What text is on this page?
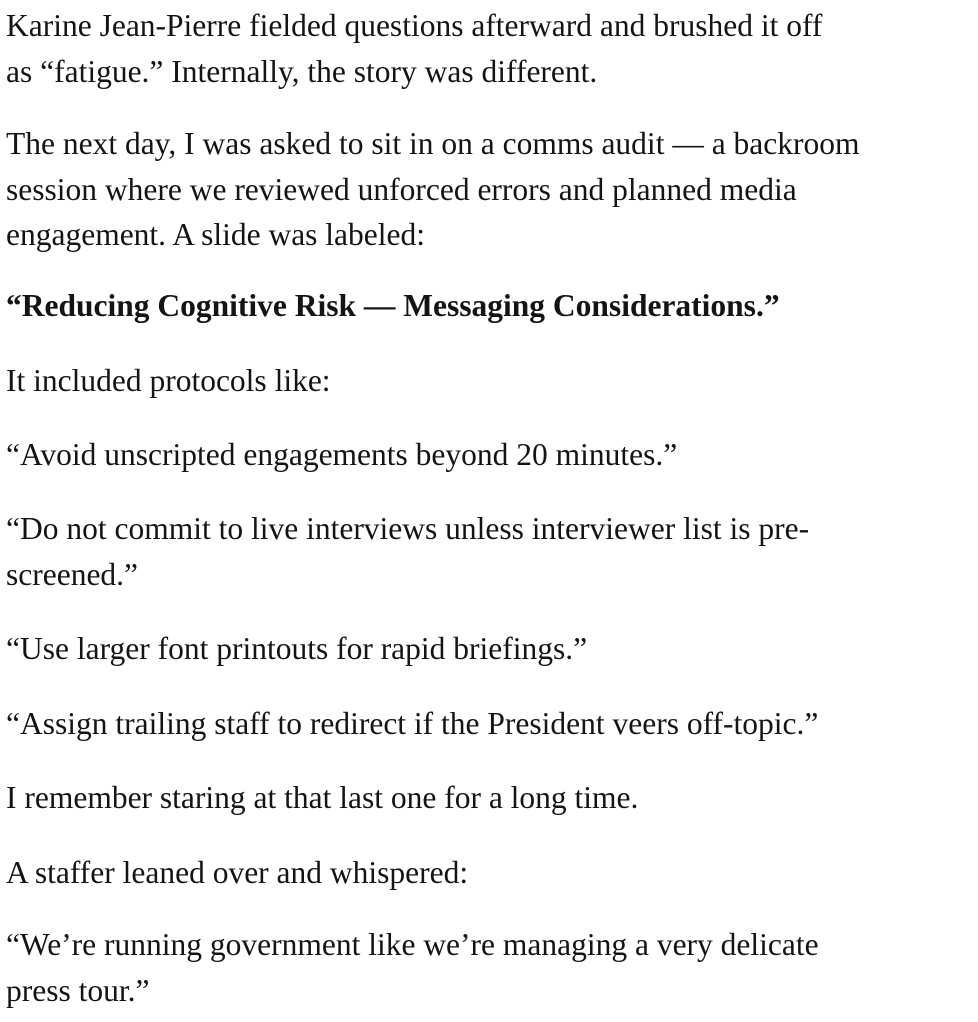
Karine Jean-Pierre fielded questions afterward and brushed it off
as “fatigue.” Internally, the story was different.

The next day, I was asked to sit in on a comms audit — a backroom
session where we reviewed unforced errors and planned media
engagement. A slide was labeled:

“Reducing Cognitive Risk — Messaging Considerations.”

It included protocols like:

“Avoid unscripted engagements beyond 20 minutes.”

“Do not commit to live interviews unless interviewer list is pre-
screened.”

“Use larger font printouts for rapid briefings.”

“Assign trailing staff to redirect if the President veers off-topic.”

I remember staring at that last one for a long time.

A staffer leaned over and whispered:

“We’re running government like we’re managing a very delicate
press tour.”
